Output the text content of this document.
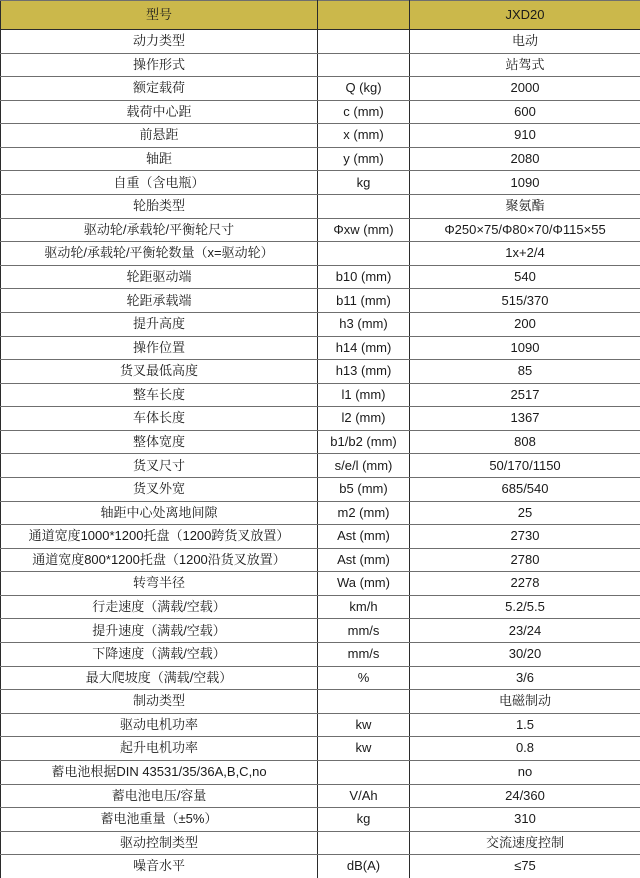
型号		JXD20
动力类型		电动
操作形式		站驾式
额定载荷	Q (kg)	2000
载荷中心距	c (mm)	600
前悬距	x (mm)	910
轴距	y (mm)	2080
自重（含电瓶）	kg	1090
轮胎类型		聚氨酯
驱动轮/承载轮/平衡轮尺寸	Φxw (mm)	Φ250×75/Φ80×70/Φ115×55
驱动轮/承载轮/平衡轮数量（x=驱动轮）		1x+2/4
轮距驱动端	b10 (mm)	540
轮距承载端	b11 (mm)	515/370
提升高度	h3 (mm)	200
操作位置	h14 (mm)	1090
货叉最低高度	h13 (mm)	85
整车长度	l1 (mm)	2517
车体长度	l2 (mm)	1367
整体宽度	b1/b2 (mm)	808
货叉尺寸	s/e/l (mm)	50/170/1150
货叉外宽	b5 (mm)	685/540
轴距中心处离地间隙	m2 (mm)	25
通道宽度1000*1200托盘（1200跨货叉放置）	Ast (mm)	2730
通道宽度800*1200托盘（1200沿货叉放置）	Ast (mm)	2780
转弯半径	Wa (mm)	2278
行走速度（满载/空载）	km/h	5.2/5.5
提升速度（满载/空载）	mm/s	23/24
下降速度（满载/空载）	mm/s	30/20
最大爬坡度（满载/空载）	%	3/6
制动类型		电磁制动
驱动电机功率	kw	1.5
起升电机功率	kw	0.8
蓄电池根据DIN 43531/35/36A,B,C,no		no
蓄电池电压/容量	V/Ah	24/360
蓄电池重量（±5%）	kg	310
驱动控制类型		交流速度控制
噪音水平	dB(A)	≤75
